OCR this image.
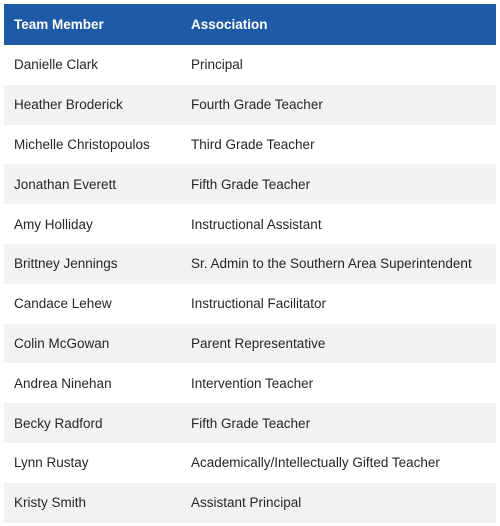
Team Member	Association
Danielle Clark	Principal
Heather Broderick	Fourth Grade Teacher
Michelle Christopoulos	Third Grade Teacher
Jonathan Everett	Fifth Grade Teacher
Amy Holliday	Instructional Assistant
Brittney Jennings	Sr. Admin to the Southern Area Superintendent
Candace Lehew	Instructional Facilitator
Colin McGowan	Parent Representative
Andrea Ninehan	Intervention Teacher
Becky Radford	Fifth Grade Teacher
Lynn Rustay	Academically/Intellectually Gifted Teacher
Kristy Smith	Assistant Principal
